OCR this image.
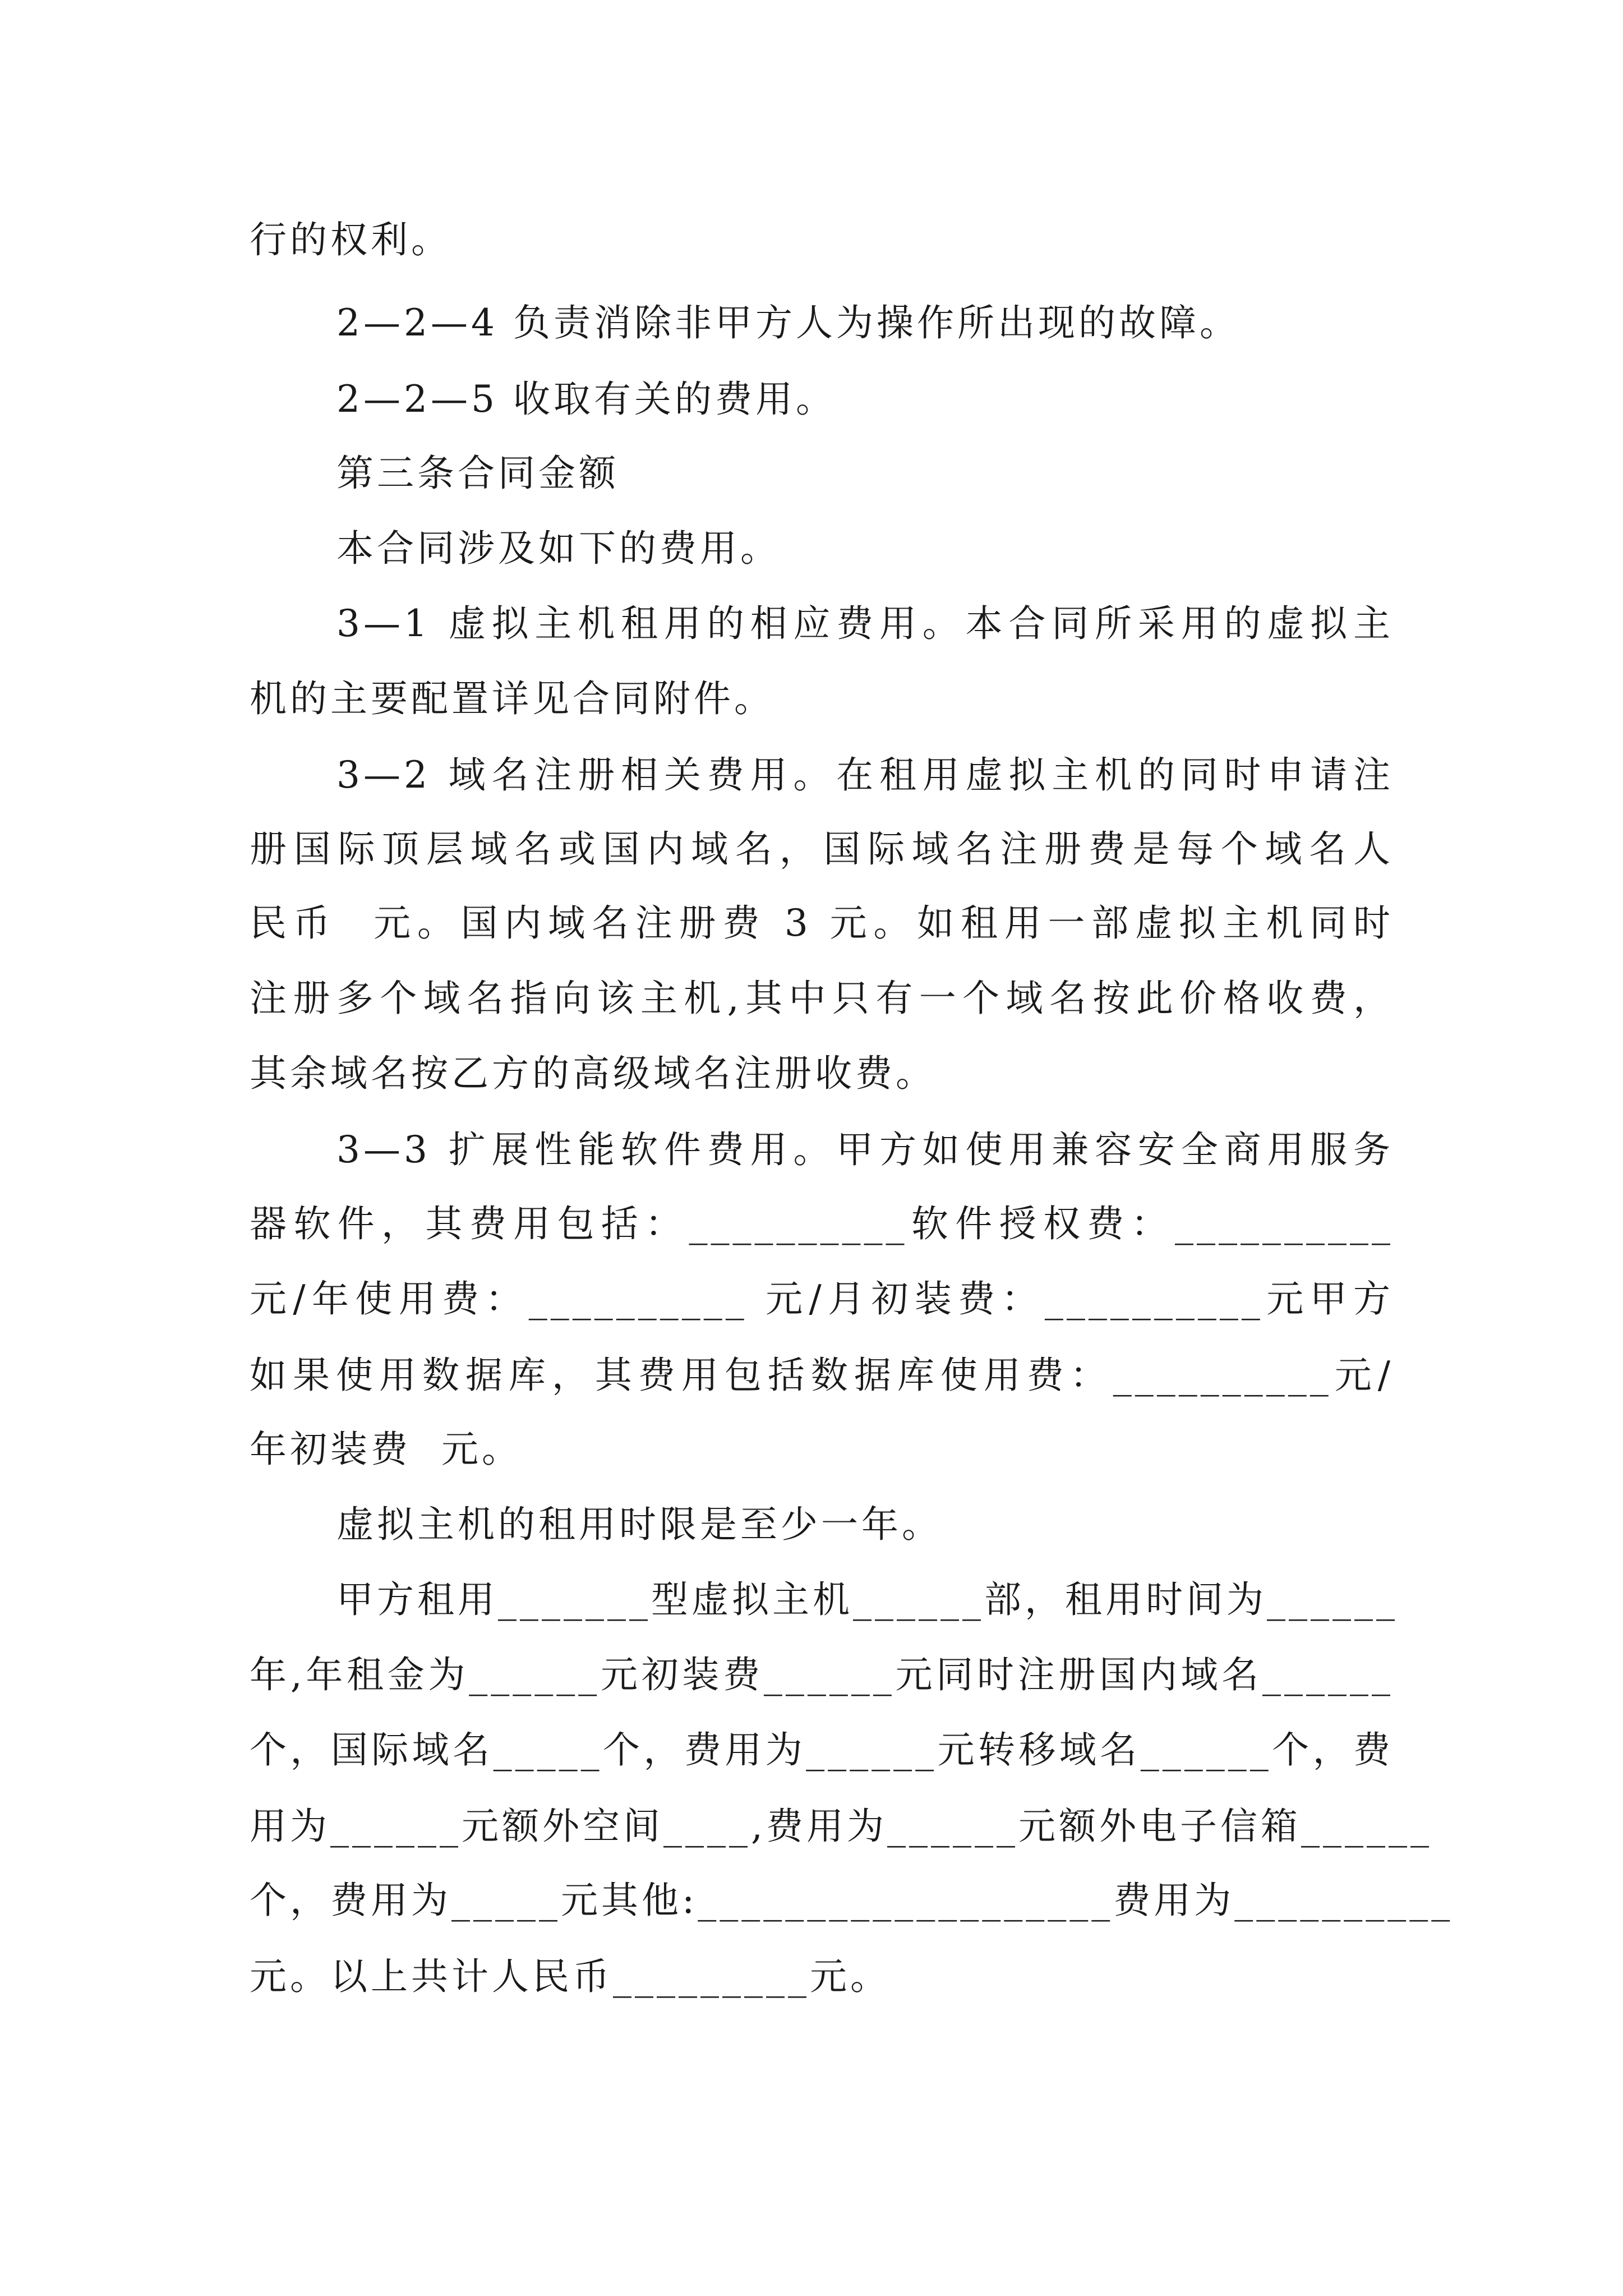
行的权利。
2—2—4 负责消除非甲方人为操作所出现的故障。
2—2—5 收取有关的费用。
第三条合同金额
本合同涉及如下的费用。
3—1 虚拟主机租用的相应费用。本合同所采用的虚拟主
机的主要配置详见合同附件。
3—2 域名注册相关费用。在租用虚拟主机的同时申请注
册国际顶层域名或国内域名，国际域名注册费是每个域名人
民币  元。国内域名注册费 3 元。如租用一部虚拟主机同时
注册多个域名指向该主机,其中只有一个域名按此价格收费，
其余域名按乙方的高级域名注册收费。
3—3 扩展性能软件费用。甲方如使用兼容安全商用服务
器软件，其费用包括：__________软件授权费：__________
元/年使用费：__________ 元/月初装费：__________元甲方
如果使用数据库，其费用包括数据库使用费：__________元/
年初装费  元。
虚拟主机的租用时限是至少一年。
甲方租用_______型虚拟主机______部，租用时间为______
年,年租金为______元初装费______元同时注册国内域名______
个，国际域名_____个，费用为______元转移域名______个，费
用为______元额外空间____,费用为______元额外电子信箱______
个，费用为_____元其他:___________________费用为__________
元。以上共计人民币_________元。
